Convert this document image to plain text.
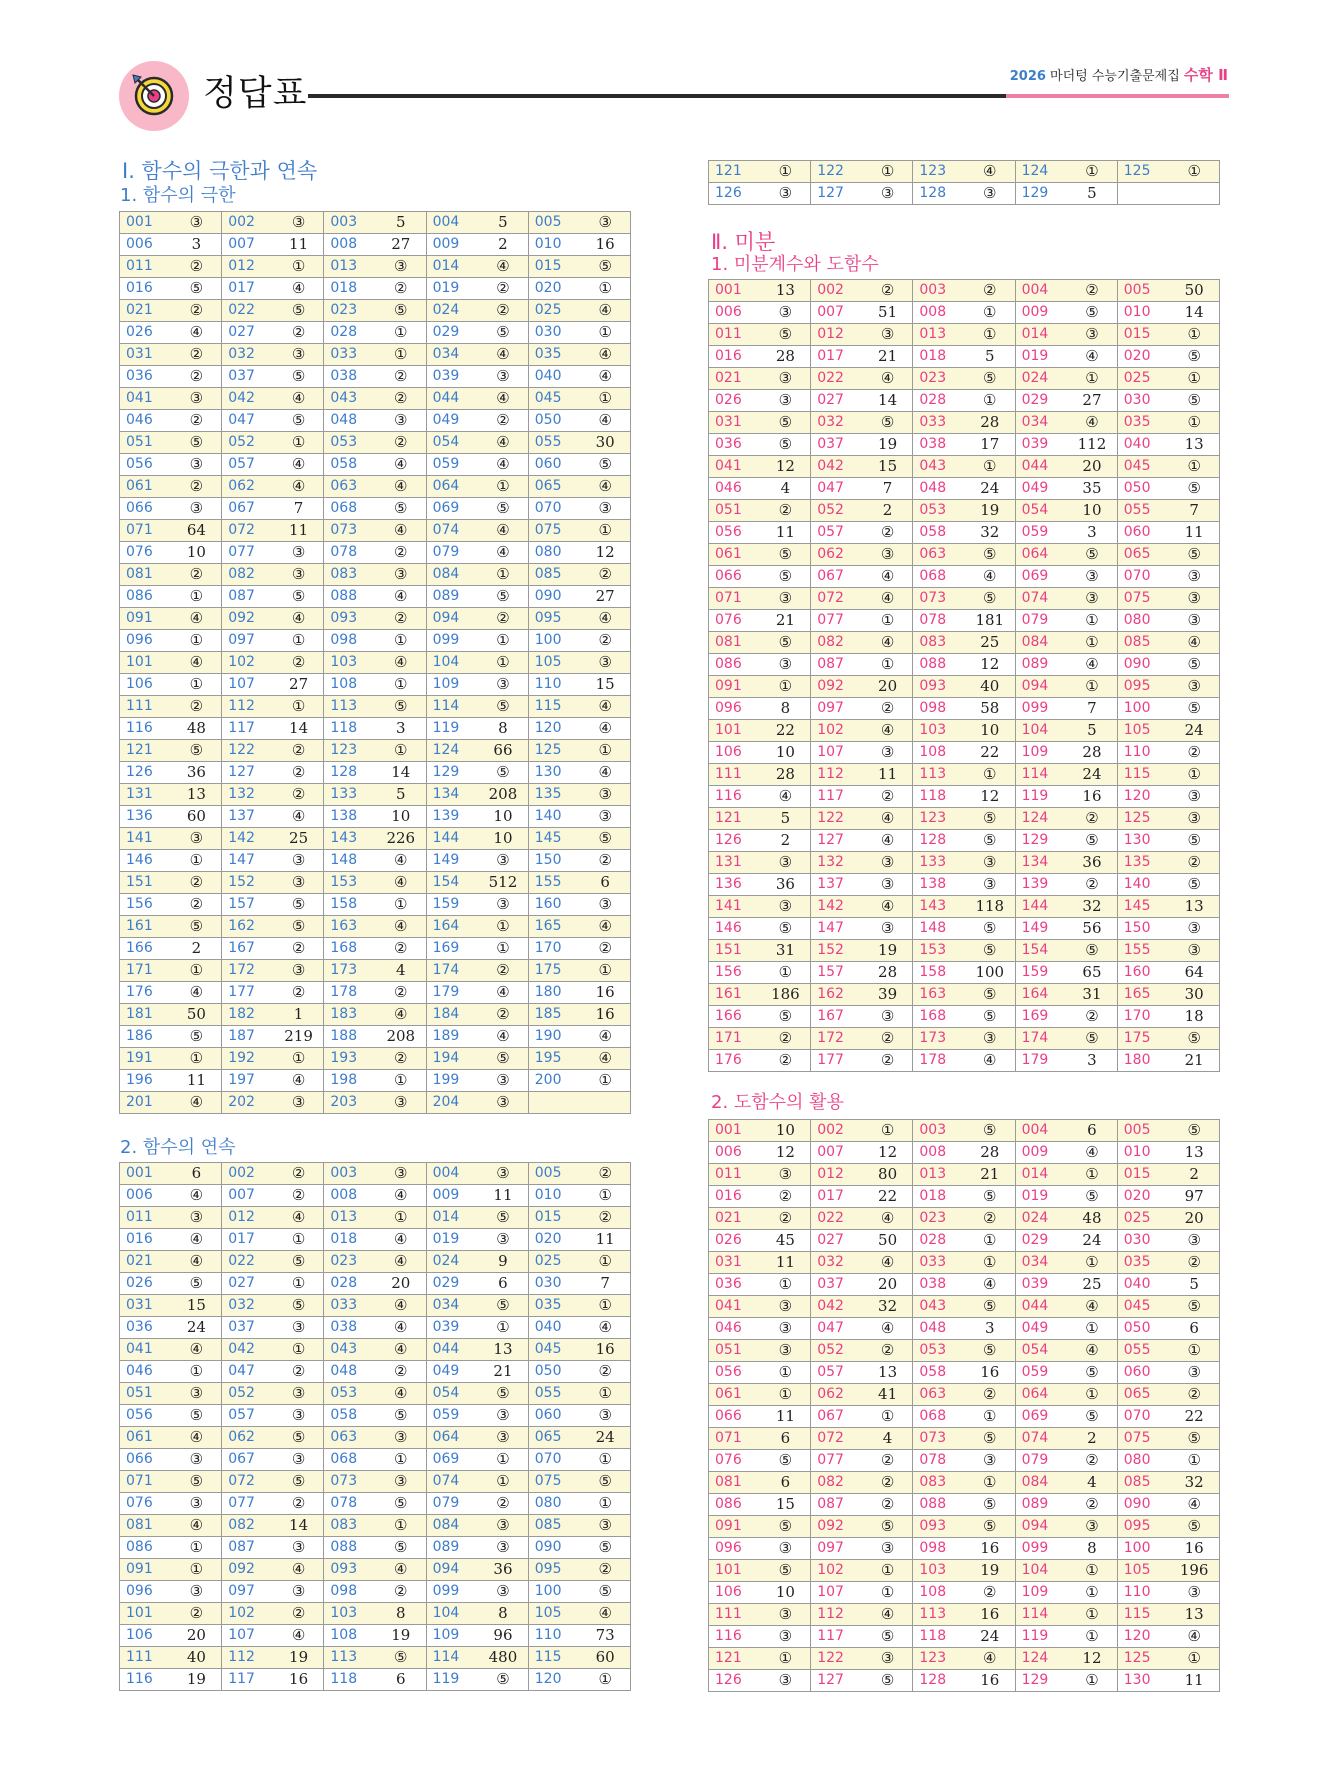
정답표	2026 마더텅 수능기출문제집 수학 Ⅱ
Ⅰ. 함수의 극한과 연속
1. 함수의 극한
001	③	002	③	003	5	004	5	005	③
006	3	007	11	008	27	009	2	010	16
011	②	012	①	013	③	014	④	015	⑤
016	⑤	017	④	018	②	019	②	020	①
021	②	022	⑤	023	⑤	024	②	025	④
026	④	027	②	028	①	029	⑤	030	①
031	②	032	③	033	①	034	④	035	④
036	②	037	⑤	038	②	039	③	040	④
041	③	042	④	043	②	044	④	045	①
046	②	047	⑤	048	③	049	②	050	④
051	⑤	052	①	053	②	054	④	055	30
056	③	057	④	058	④	059	④	060	⑤
061	②	062	④	063	④	064	①	065	④
066	③	067	7	068	⑤	069	⑤	070	③
071	64	072	11	073	④	074	④	075	①
076	10	077	③	078	②	079	④	080	12
081	②	082	③	083	③	084	①	085	②
086	①	087	⑤	088	④	089	⑤	090	27
091	④	092	④	093	②	094	②	095	④
096	①	097	①	098	①	099	①	100	②
101	④	102	②	103	④	104	①	105	③
106	①	107	27	108	①	109	③	110	15
111	②	112	①	113	⑤	114	⑤	115	④
116	48	117	14	118	3	119	8	120	④
121	⑤	122	②	123	①	124	66	125	①
126	36	127	②	128	14	129	⑤	130	④
131	13	132	②	133	5	134	208	135	③
136	60	137	④	138	10	139	10	140	③
141	③	142	25	143	226	144	10	145	⑤
146	①	147	③	148	④	149	③	150	②
151	②	152	③	153	④	154	512	155	6
156	②	157	⑤	158	①	159	③	160	③
161	⑤	162	⑤	163	④	164	①	165	④
166	2	167	②	168	②	169	①	170	②
171	①	172	③	173	4	174	②	175	①
176	④	177	②	178	②	179	④	180	16
181	50	182	1	183	④	184	②	185	16
186	⑤	187	219	188	208	189	④	190	④
191	①	192	①	193	②	194	⑤	195	④
196	11	197	④	198	①	199	③	200	①
201	④	202	③	203	③	204	③		
2. 함수의 연속
001	6	002	②	003	③	004	③	005	②
006	④	007	②	008	④	009	11	010	①
011	③	012	④	013	①	014	⑤	015	②
016	④	017	①	018	④	019	③	020	11
021	④	022	⑤	023	④	024	9	025	①
026	⑤	027	①	028	20	029	6	030	7
031	15	032	⑤	033	④	034	⑤	035	①
036	24	037	③	038	④	039	①	040	④
041	④	042	①	043	④	044	13	045	16
046	①	047	②	048	②	049	21	050	②
051	③	052	③	053	④	054	⑤	055	①
056	⑤	057	③	058	⑤	059	③	060	③
061	④	062	⑤	063	③	064	③	065	24
066	③	067	③	068	①	069	①	070	①
071	⑤	072	⑤	073	③	074	①	075	⑤
076	③	077	②	078	⑤	079	②	080	①
081	④	082	14	083	①	084	③	085	③
086	①	087	③	088	⑤	089	③	090	⑤
091	①	092	④	093	④	094	36	095	②
096	③	097	③	098	②	099	③	100	⑤
101	②	102	②	103	8	104	8	105	④
106	20	107	④	108	19	109	96	110	73
111	40	112	19	113	⑤	114	480	115	60
116	19	117	16	118	6	119	⑤	120	①
121	①	122	①	123	④	124	①	125	①
126	③	127	③	128	③	129	5		
Ⅱ. 미분
1. 미분계수와 도함수
001	13	002	②	003	②	004	②	005	50
006	③	007	51	008	①	009	⑤	010	14
011	⑤	012	③	013	①	014	③	015	①
016	28	017	21	018	5	019	④	020	⑤
021	③	022	④	023	⑤	024	①	025	①
026	③	027	14	028	①	029	27	030	⑤
031	⑤	032	⑤	033	28	034	④	035	①
036	⑤	037	19	038	17	039	112	040	13
041	12	042	15	043	①	044	20	045	①
046	4	047	7	048	24	049	35	050	⑤
051	②	052	2	053	19	054	10	055	7
056	11	057	②	058	32	059	3	060	11
061	⑤	062	③	063	⑤	064	⑤	065	⑤
066	⑤	067	④	068	④	069	③	070	③
071	③	072	④	073	⑤	074	③	075	③
076	21	077	①	078	181	079	①	080	③
081	⑤	082	④	083	25	084	①	085	④
086	③	087	①	088	12	089	④	090	⑤
091	①	092	20	093	40	094	①	095	③
096	8	097	②	098	58	099	7	100	⑤
101	22	102	④	103	10	104	5	105	24
106	10	107	③	108	22	109	28	110	②
111	28	112	11	113	①	114	24	115	①
116	④	117	②	118	12	119	16	120	③
121	5	122	④	123	⑤	124	②	125	③
126	2	127	④	128	⑤	129	⑤	130	⑤
131	③	132	③	133	③	134	36	135	②
136	36	137	③	138	③	139	②	140	⑤
141	③	142	④	143	118	144	32	145	13
146	⑤	147	③	148	⑤	149	56	150	③
151	31	152	19	153	⑤	154	⑤	155	③
156	①	157	28	158	100	159	65	160	64
161	186	162	39	163	⑤	164	31	165	30
166	⑤	167	③	168	⑤	169	②	170	18
171	②	172	②	173	③	174	⑤	175	⑤
176	②	177	②	178	④	179	3	180	21
2. 도함수의 활용
001	10	002	①	003	⑤	004	6	005	⑤
006	12	007	12	008	28	009	④	010	13
011	③	012	80	013	21	014	①	015	2
016	②	017	22	018	⑤	019	⑤	020	97
021	②	022	④	023	②	024	48	025	20
026	45	027	50	028	①	029	24	030	③
031	11	032	④	033	①	034	①	035	②
036	①	037	20	038	④	039	25	040	5
041	③	042	32	043	⑤	044	④	045	⑤
046	③	047	④	048	3	049	①	050	6
051	③	052	②	053	⑤	054	④	055	①
056	①	057	13	058	16	059	⑤	060	③
061	①	062	41	063	②	064	①	065	②
066	11	067	①	068	①	069	⑤	070	22
071	6	072	4	073	⑤	074	2	075	⑤
076	⑤	077	②	078	③	079	②	080	①
081	6	082	②	083	①	084	4	085	32
086	15	087	②	088	⑤	089	②	090	④
091	⑤	092	⑤	093	⑤	094	③	095	⑤
096	③	097	③	098	16	099	8	100	16
101	⑤	102	①	103	19	104	①	105	196
106	10	107	①	108	②	109	①	110	③
111	③	112	④	113	16	114	①	115	13
116	③	117	⑤	118	24	119	①	120	④
121	①	122	③	123	④	124	12	125	①
126	③	127	⑤	128	16	129	①	130	11
